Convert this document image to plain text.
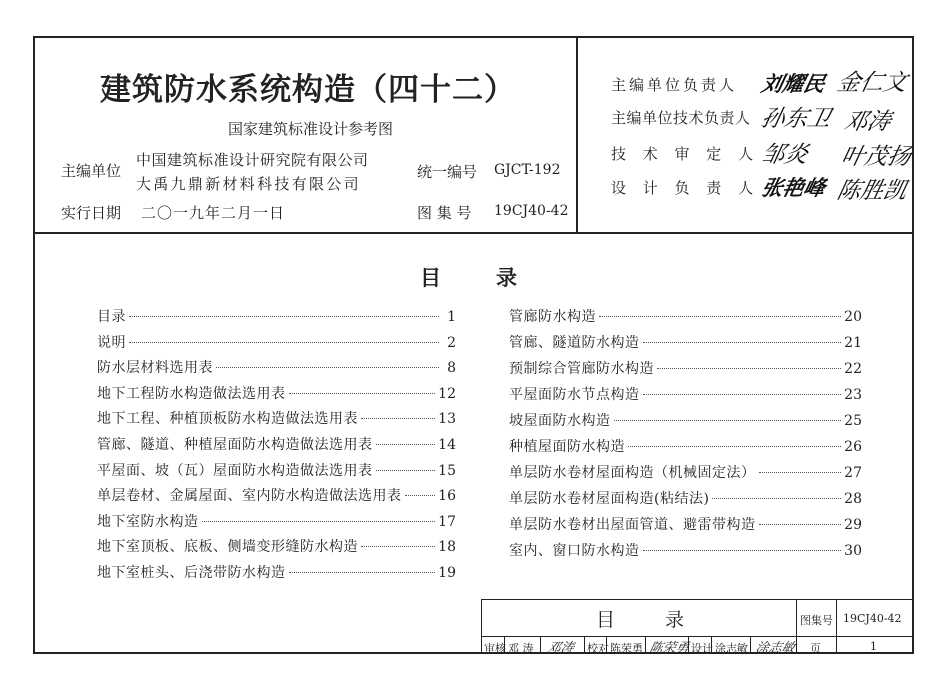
建筑防水系统构造（四十二）
国家建筑标准设计参考图
主编单位
中国建筑标准设计研究院有限公司
大禹九鼎新材料科技有限公司
实行日期 二〇一九年二月一日
统一编号 GJCT-192
图 集 号 19CJ40-42
主编单位负责人 刘耀民 金仁文
主编单位技术负责人 孙东卫 邓涛
技 术 审 定 人 邹炎 叶茂扬
设 计 负 责 人 张艳峰 陈胜凯
目录
目录	1
说明	2
防水层材料选用表	8
地下工程防水构造做法选用表	12
地下工程、种植顶板防水构造做法选用表	13
管廊、隧道、种植屋面防水构造做法选用表	14
平屋面、坡（瓦）屋面防水构造做法选用表	15
单层卷材、金属屋面、室内防水构造做法选用表	16
地下室防水构造	17
地下室顶板、底板、侧墙变形缝防水构造	18
地下室桩头、后浇带防水构造	19
管廊防水构造	20
管廊、隧道防水构造	21
预制综合管廊防水构造	22
平屋面防水节点构造	23
坡屋面防水构造	25
种植屋面防水构造	26
单层防水卷材屋面构造（机械固定法）	27
单层防水卷材屋面构造(粘结法)	28
单层防水卷材出屋面管道、避雷带构造	29
室内、窗口防水构造	30
目录	图集号 19CJ40-42
审核 邓 涛 邓涛 校对 陈荣勇 陈荣勇 设计 涂志敏 涂志敏 页	1
